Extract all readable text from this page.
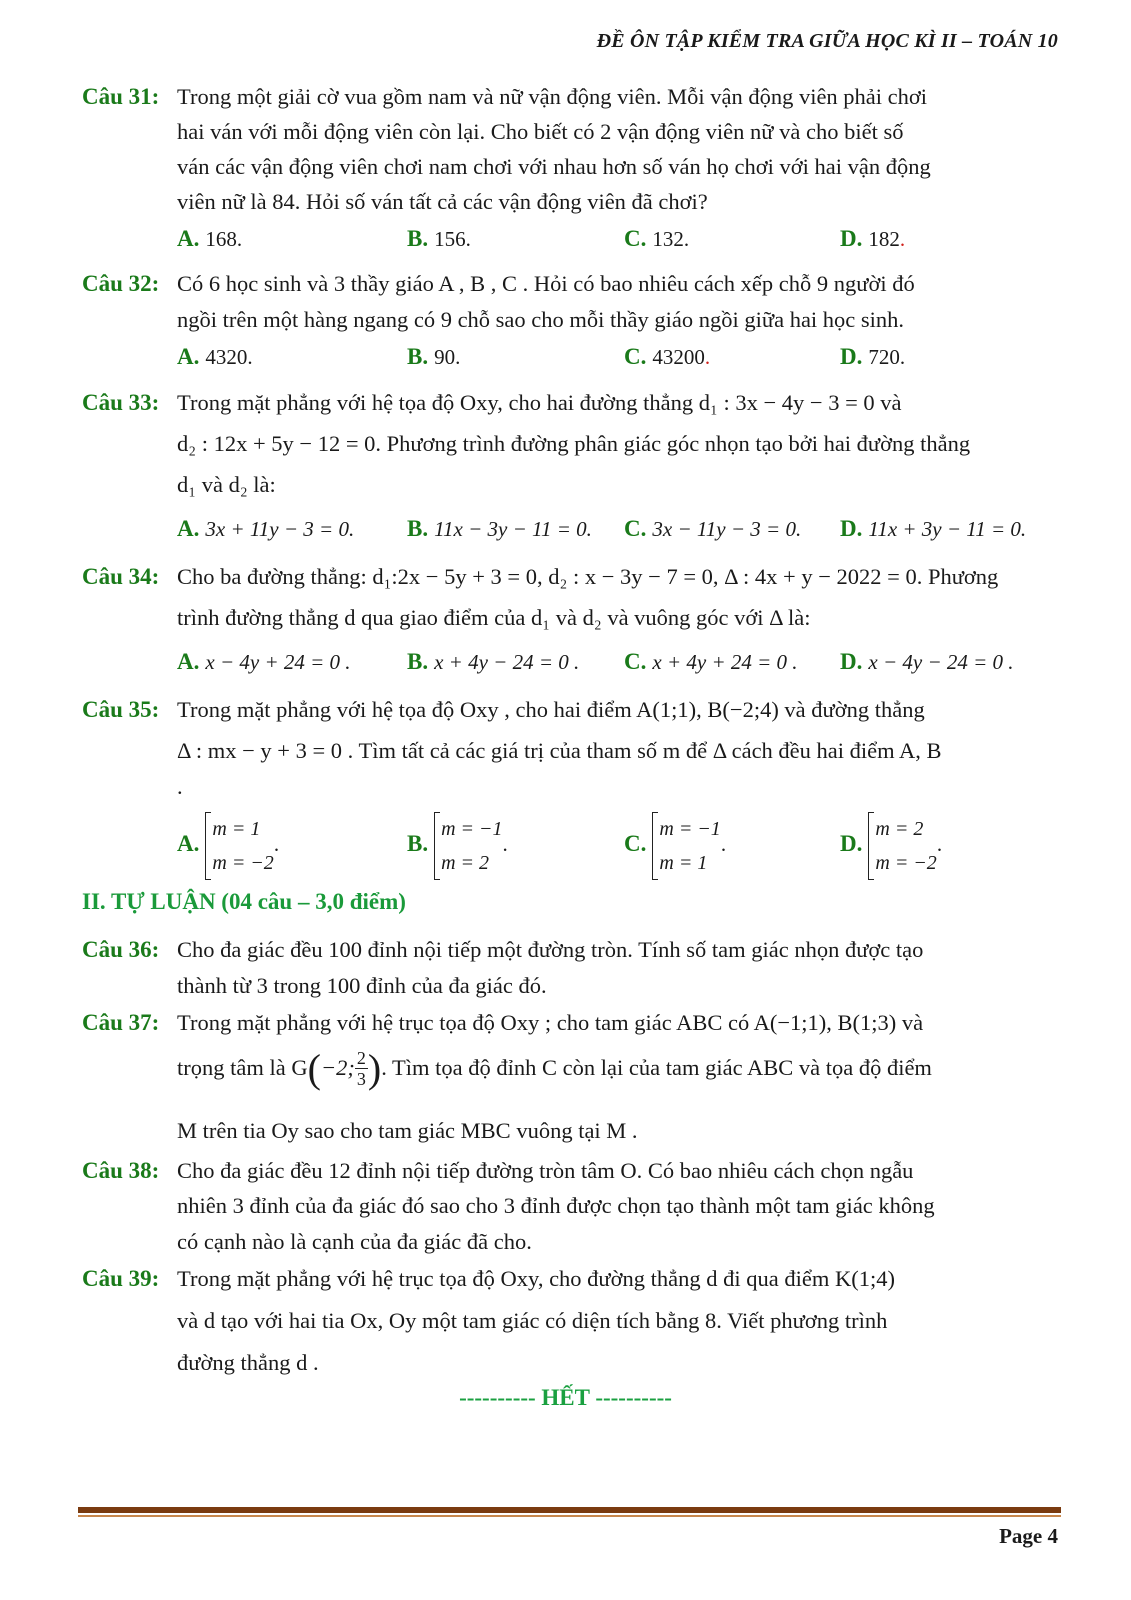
ĐỀ ÔN TẬP KIỂM TRA GIỮA HỌC KÌ II – TOÁN 10
Câu 31: Trong một giải cờ vua gồm nam và nữ vận động viên. Mỗi vận động viên phải chơi
hai ván với mỗi động viên còn lại. Cho biết có 2 vận động viên nữ và cho biết số
ván các vận động viên chơi nam chơi với nhau hơn số ván họ chơi với hai vận động
viên nữ là 84. Hỏi số ván tất cả các vận động viên đã chơi?
A. 168.	B. 156.	C. 132.	D. 182.
Câu 32: Có 6 học sinh và 3 thầy giáo A , B , C . Hỏi có bao nhiêu cách xếp chỗ 9 người đó
ngồi trên một hàng ngang có 9 chỗ sao cho mỗi thầy giáo ngồi giữa hai học sinh.
A. 4320.	B. 90.	C. 43200.	D. 720.
Câu 33: Trong mặt phẳng với hệ tọa độ Oxy, cho hai đường thẳng d₁ : 3x − 4y − 3 = 0 và
d₂ : 12x + 5y − 12 = 0. Phương trình đường phân giác góc nhọn tạo bởi hai đường thẳng
d₁ và d₂ là:
A. 3x + 11y − 3 = 0. B. 11x − 3y − 11 = 0. C. 3x − 11y − 3 = 0. D. 11x + 3y − 11 = 0.
Câu 34: Cho ba đường thẳng: d₁:2x − 5y + 3 = 0, d₂ : x − 3y − 7 = 0, Δ : 4x + y − 2022 = 0. Phương
trình đường thẳng d qua giao điểm của d₁ và d₂ và vuông góc với Δ là:
A. x − 4y + 24 = 0 . B. x + 4y − 24 = 0 . C. x + 4y + 24 = 0 . D. x − 4y − 24 = 0 .
Câu 35: Trong mặt phẳng với hệ tọa độ Oxy , cho hai điểm A(1;1), B(−2;4) và đường thẳng
Δ : mx − y + 3 = 0 . Tìm tất cả các giá trị của tham số m để Δ cách đều hai điểm A, B
.
A.
m = 1
m = −2
.	B.
m = −1
m = 2
.	C.
m = −1
m = 1
.	D.
m = 2
m = −2
.
II. TỰ LUẬN (04 câu – 3,0 điểm)
Câu 36: Cho đa giác đều 100 đỉnh nội tiếp một đường tròn. Tính số tam giác nhọn được tạo
thành từ 3 trong 100 đỉnh của đa giác đó.
Câu 37: Trong mặt phẳng với hệ trục tọa độ Oxy ; cho tam giác ABC có A(−1;1), B(1;3) và
trọng tâm là G ( −2; $\frac{2}{3}$ ) . Tìm tọa độ đỉnh C còn lại của tam giác ABC và tọa độ điểm
M trên tia Oy sao cho tam giác MBC vuông tại M .
Câu 38: Cho đa giác đều 12 đỉnh nội tiếp đường tròn tâm O. Có bao nhiêu cách chọn ngẫu
nhiên 3 đỉnh của đa giác đó sao cho 3 đỉnh được chọn tạo thành một tam giác không
có cạnh nào là cạnh của đa giác đã cho.
Câu 39: Trong mặt phẳng với hệ trục tọa độ Oxy, cho đường thẳng d đi qua điểm K(1;4)
và d tạo với hai tia Ox, Oy một tam giác có diện tích bằng 8. Viết phương trình
đường thẳng d .
---------- HẾT ----------
Page 4
